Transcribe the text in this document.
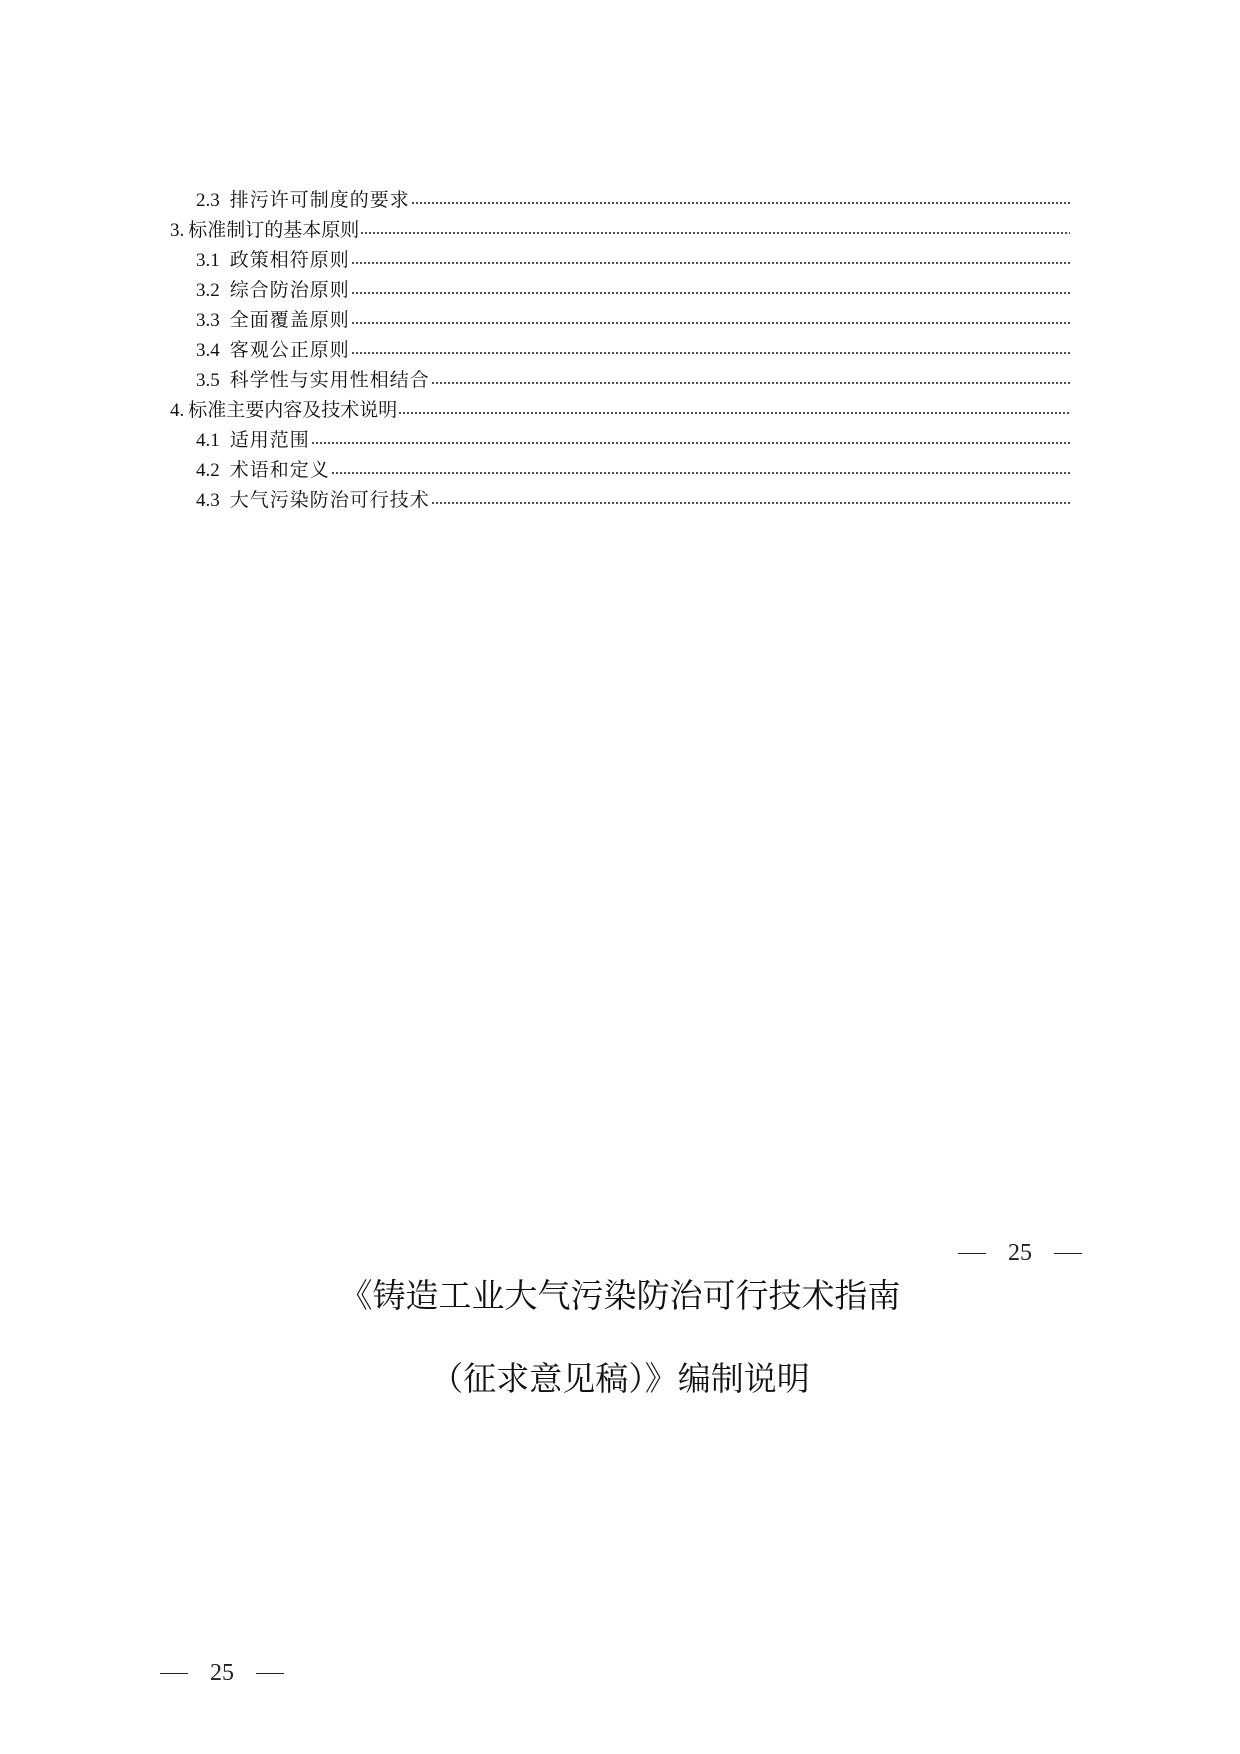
2.3 排污许可制度的要求
3. 标准制订的基本原则
3.1 政策相符原则
3.2 综合防治原则
3.3 全面覆盖原则
3.4 客观公正原则
3.5 科学性与实用性相结合
4. 标准主要内容及技术说明
4.1 适用范围
4.2 术语和定义
4.3 大气污染防治可行技术
25
《铸造工业大气污染防治可行技术指南
（征求意见稿）》编制说明
25
